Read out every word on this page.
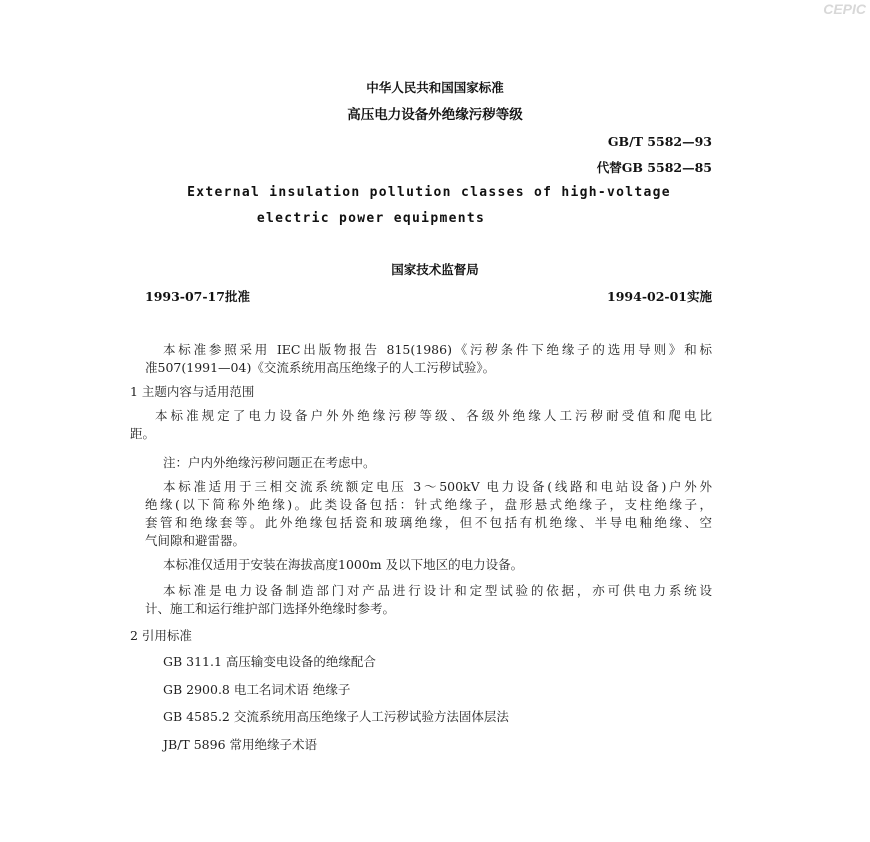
CEPIC
中华人民共和国国家标准
高压电力设备外绝缘污秽等级
GB/T 5582—93
代替GB 5582—85
External insulation pollution classes of high-voltage
electric power equipments
国家技术监督局
1993-07-17批准	1994-02-01实施
本标准参照采用 IEC出版物报告 815(1986)《污秽条件下绝缘子的选用导则》和标
准507(1991—04)《交流系统用高压绝缘子的人工污秽试验》。
1 主题内容与适用范围
本标准规定了电力设备户外外绝缘污秽等级、各级外绝缘人工污秽耐受值和爬电比
距。
注：户内外绝缘污秽问题正在考虑中。
本标准适用于三相交流系统额定电压 3～500kV 电力设备(线路和电站设备)户外外
绝缘(以下简称外绝缘)。此类设备包括：针式绝缘子，盘形悬式绝缘子，支柱绝缘子，
套管和绝缘套等。此外绝缘包括瓷和玻璃绝缘，但不包括有机绝缘、半导电釉绝缘、空
气间隙和避雷器。
本标准仅适用于安装在海拔高度1000m 及以下地区的电力设备。
本标准是电力设备制造部门对产品进行设计和定型试验的依据，亦可供电力系统设
计、施工和运行维护部门选择外绝缘时参考。
2 引用标准
GB 311.1 高压输变电设备的绝缘配合
GB 2900.8 电工名词术语 绝缘子
GB 4585.2 交流系统用高压绝缘子人工污秽试验方法固体层法
JB/T 5896 常用绝缘子术语
